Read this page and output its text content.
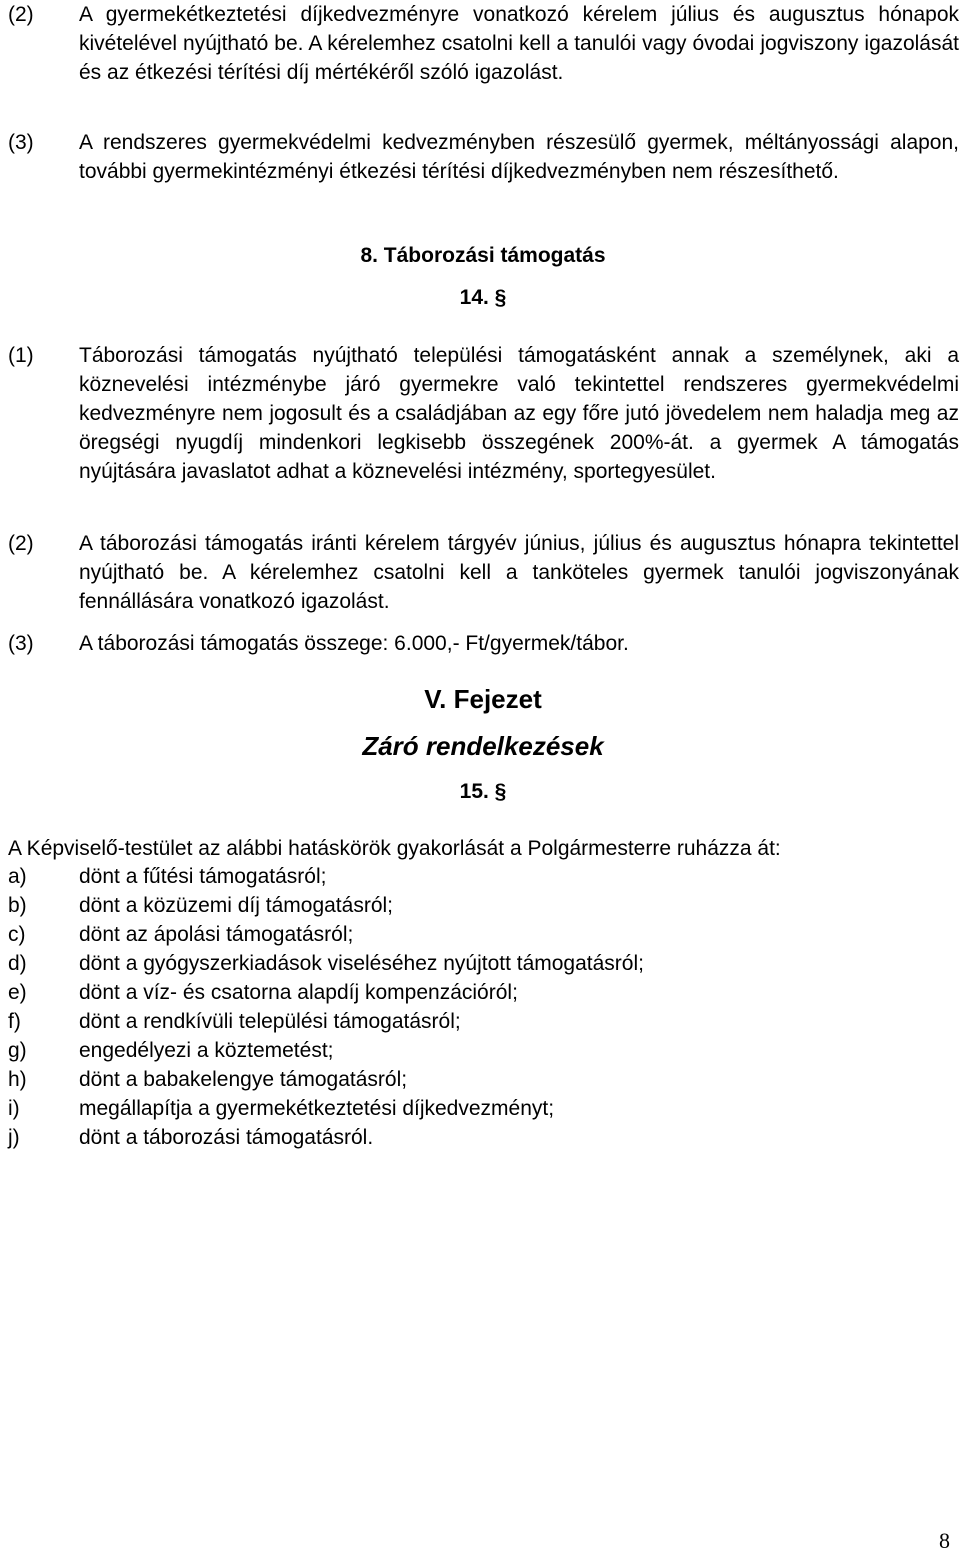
(2) A gyermekétkeztetési díjkedvezményre vonatkozó kérelem július és augusztus hónapok kivételével nyújtható be. A kérelemhez csatolni kell a tanulói vagy óvodai jogviszony igazolását és az étkezési térítési díj mértékéről szóló igazolást.
(3) A rendszeres gyermekvédelmi kedvezményben részesülő gyermek, méltányossági alapon, további gyermekintézményi étkezési térítési díjkedvezményben nem részesíthető.
8. Táborozási támogatás
14. §
(1) Táborozási támogatás nyújtható települési támogatásként annak a személynek, aki a köznevelési intézménybe járó gyermekre való tekintettel rendszeres gyermekvédelmi kedvezményre nem jogosult és a családjában az egy főre jutó jövedelem nem haladja meg az öregségi nyugdíj mindenkori legkisebb összegének 200%-át. a gyermek A támogatás nyújtására javaslatot adhat a köznevelési intézmény, sportegyesület.
(2) A táborozási támogatás iránti kérelem tárgyév június, július és augusztus hónapra tekintettel nyújtható be. A kérelemhez csatolni kell a tanköteles gyermek tanulói jogviszonyának fennállására vonatkozó igazolást.
(3) A táborozási támogatás összege: 6.000,- Ft/gyermek/tábor.
V. Fejezet
Záró rendelkezések
15. §
A Képviselő-testület az alábbi hatáskörök gyakorlását a Polgármesterre ruházza át:
a) dönt a fűtési támogatásról;
b) dönt a közüzemi díj támogatásról;
c)	dönt az ápolási támogatásról;
d) dönt a gyógyszerkiadások viseléséhez nyújtott támogatásról;
e) dönt a víz- és csatorna alapdíj kompenzációról;
f)	dönt a rendkívüli települési támogatásról;
g) engedélyezi a köztemetést;
h) dönt a babakelengye támogatásról;
i)	megállapítja a gyermekétkeztetési díjkedvezményt;
j)	dönt a táborozási támogatásról.
8
